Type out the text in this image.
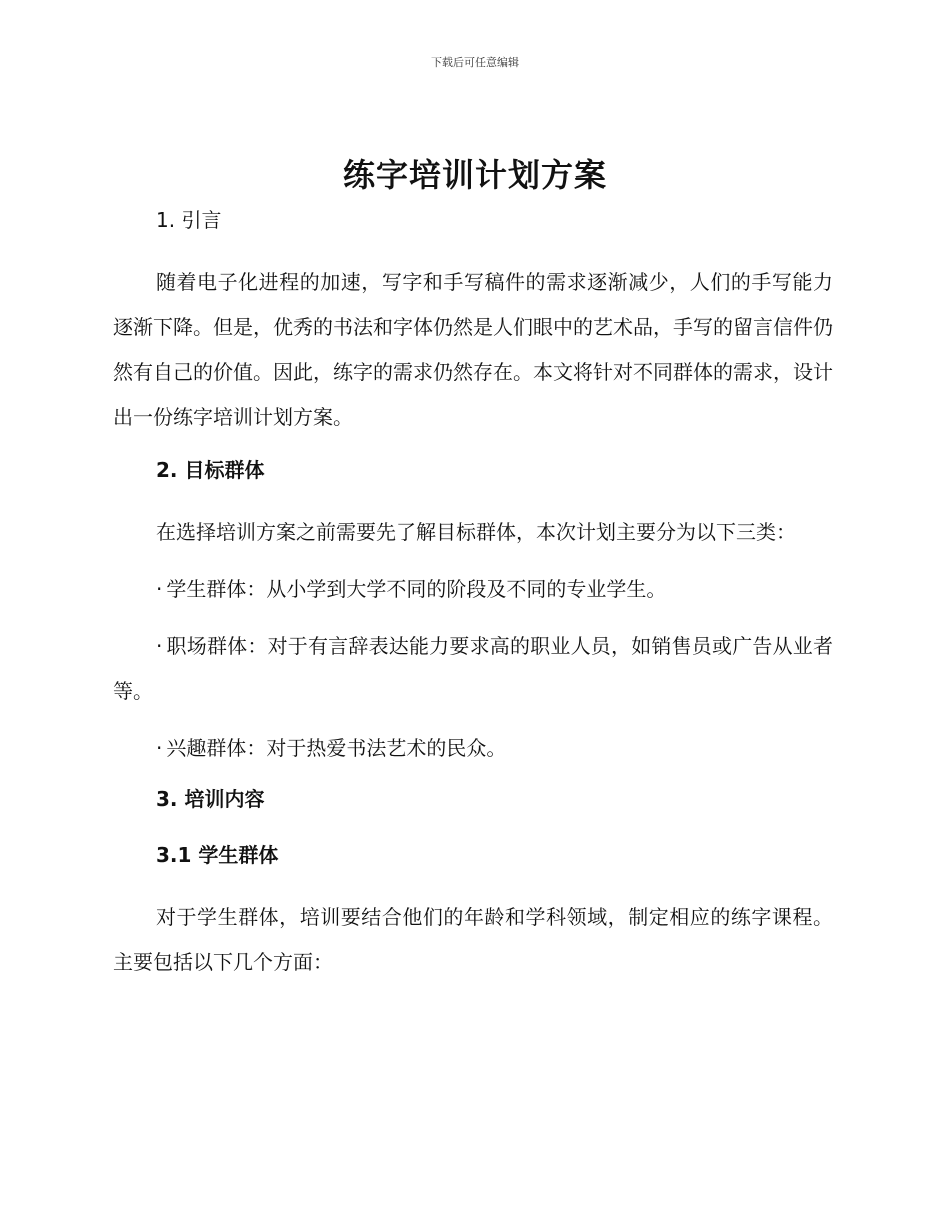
下载后可任意编辑
练字培训计划方案
1. 引言

随着电子化进程的加速，写字和手写稿件的需求逐渐减少，人们的手写能力逐渐下降。但是，优秀的书法和字体仍然是人们眼中的艺术品，手写的留言信件仍然有自己的价值。因此，练字的需求仍然存在。本文将针对不同群体的需求，设计出一份练字培训计划方案。

2. 目标群体

在选择培训方案之前需要先了解目标群体，本次计划主要分为以下三类：

· 学生群体：从小学到大学不同的阶段及不同的专业学生。

· 职场群体：对于有言辞表达能力要求高的职业人员，如销售员或广告从业者等。

· 兴趣群体：对于热爱书法艺术的民众。

3. 培训内容
3.1 学生群体

对于学生群体，培训要结合他们的年龄和学科领域，制定相应的练字课程。主要包括以下几个方面：
